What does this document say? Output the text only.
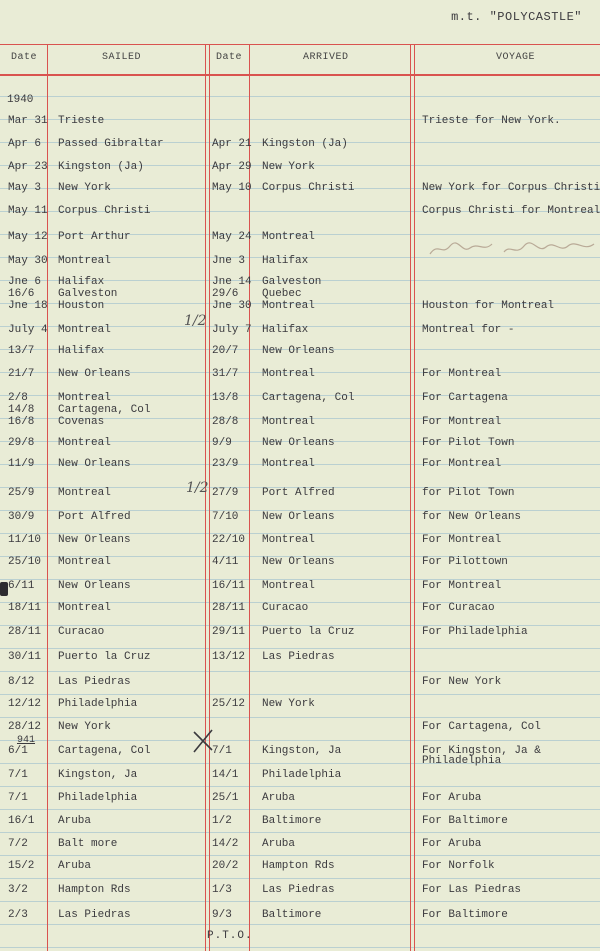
m.t. "POLYCASTLE"
Date	SAILED	Date	ARRIVED	VOYAGE
1940
Mar 31 Trieste	Trieste for New York.
Apr 6 Passed Gibraltar	Apr 21 Kingston (Ja)
Apr 23 Kingston (Ja)	Apr 29 New York
May 3 New York	May 10 Corpus Christi	New York for Corpus Christi
May 11 Corpus Christi	Corpus Christi for Montreal
May 12 Port Arthur	May 24 Montreal
May 30 Montreal	Jne 3 Halifax
Jne 6 Halifax	Jne 14 Galveston
16/6 Galveston	29/6 Quebec
Jne 18 Houston	Jne 30 Montreal	Houston for Montreal
July 4 Montreal	July 7 Halifax	Montreal for -
13/7 Halifax	20/7 New Orleans
21/7 New Orleans	31/7 Montreal	For Montreal
2/8	Montreal	13/8 Cartagena, Col	For Cartagena
14/8 Cartagena, Col
16/8 Covenas	28/8 Montreal	For Montreal
29/8 Montreal	9/9	New Orleans	For Pilot Town
11/9 New Orleans	23/9 Montreal	For Montreal
25/9 Montreal	27/9 Port Alfred	for Pilot Town
30/9 Port Alfred	7/10 New Orleans	for New Orleans
11/10 New Orleans	22/10 Montreal	For Montreal
25/10 Montreal	4/11 New Orleans	For Pilottown
6/11 New Orleans	16/11 Montreal	For Montreal
18/11 Montreal	28/11 Curacao	For Curacao
28/11 Curacao	29/11 Puerto la Cruz	For Philadelphia
30/11 Puerto la Cruz	13/12 Las Piedras
8/12 Las Piedras	For New York
12/12 Philadelphia	25/12 New York
28/12 New York	For Cartagena, Col
6/1	Cartagena, Col	7/1	Kingston, Ja	For Kingston, Ja &
Philadelphia
7/1	Kingston, Ja	14/1 Philadelphia
7/1	Philadelphia	25/1 Aruba	For Aruba
16/1 Aruba	1/2	Baltimore	For Baltimore
7/2	Balt more	14/2 Aruba	For Aruba
15/2 Aruba	20/2 Hampton Rds	For Norfolk
3/2	Hampton Rds	1/3	Las Piedras	For Las Piedras
2/3	Las Piedras	9/3	Baltimore	For Baltimore
941
1/2
1/2
P.T.O.
